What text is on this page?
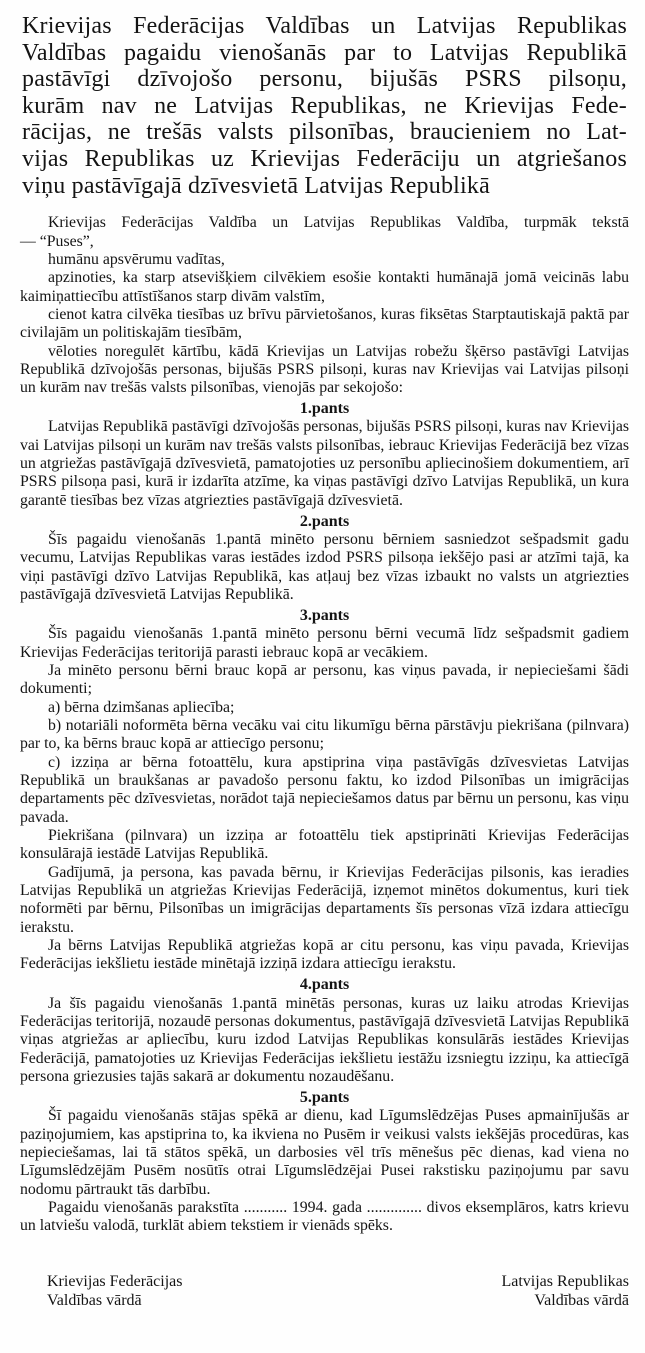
Krievijas Federācijas Valdības un Latvijas Republikas
Valdības pagaidu vienošanās par to Latvijas Republikā
pastāvīgi dzīvojošo personu, bijušās PSRS pilsoņu,
kurām nav ne Latvijas Republikas, ne Krievijas Fede-
rācijas, ne trešās valsts pilsonības, braucieniem no Lat-
vijas Republikas uz Krievijas Federāciju un atgriešanos
viņu pastāvīgajā dzīvesvietā Latvijas Republikā

Krievijas Federācijas Valdība un Latvijas Republikas Valdība, turpmāk tekstā
— “Puses”,

humānu apsvērumu vadītas,

apzinoties, ka starp atsevišķiem cilvēkiem esošie kontakti humānajā jomā veicinās labu kaimiņattiecību attīstīšanos starp divām valstīm,

cienot katra cilvēka tiesības uz brīvu pārvietošanos, kuras fiksētas Starptautiskajā paktā par civilajām un politiskajām tiesībām,

vēloties noregulēt kārtību, kādā Krievijas un Latvijas robežu šķērso pastāvīgi Latvijas Republikā dzīvojošās personas, bijušās PSRS pilsoņi, kuras nav Krievijas vai Latvijas pilsoņi un kurām nav trešās valsts pilsonības, vienojās par sekojošo:

1.pants

Latvijas Republikā pastāvīgi dzīvojošās personas, bijušās PSRS pilsoņi, kuras nav Krievijas vai Latvijas pilsoņi un kurām nav trešās valsts pilsonības, iebrauc Krievijas Federācijā bez vīzas un atgriežas pastāvīgajā dzīvesvietā, pamatojoties uz personību apliecinošiem dokumentiem, arī PSRS pilsoņa pasi, kurā ir izdarīta atzīme, ka viņas pastāvīgi dzīvo Latvijas Republikā, un kura garantē tiesības bez vīzas atgriezties pastāvīgajā dzīvesvietā.

2.pants

Šīs pagaidu vienošanās 1.pantā minēto personu bērniem sasniedzot sešpadsmit gadu vecumu, Latvijas Republikas varas iestādes izdod PSRS pilsoņa iekšējo pasi ar atzīmi tajā, ka viņi pastāvīgi dzīvo Latvijas Republikā, kas atļauj bez vīzas izbaukt no valsts un atgriezties pastāvīgajā dzīvesvietā Latvijas Republikā.

3.pants

Šīs pagaidu vienošanās 1.pantā minēto personu bērni vecumā līdz sešpadsmit gadiem Krievijas Federācijas teritorijā parasti iebrauc kopā ar vecākiem.

Ja minēto personu bērni brauc kopā ar personu, kas viņus pavada, ir nepieciešami šādi dokumenti;

a) bērna dzimšanas apliecība;

b) notariāli noformēta bērna vecāku vai citu likumīgu bērna pārstāvju piekrišana (pilnvara) par to, ka bērns brauc kopā ar attiecīgo personu;

c) izziņa ar bērna fotoattēlu, kura apstiprina viņa pastāvīgās dzīvesvietas Latvijas Republikā un braukšanas ar pavadošo personu faktu, ko izdod Pilsonības un imigrācijas departaments pēc dzīvesvietas, norādot tajā nepieciešamos datus par bērnu un personu, kas viņu pavada.

Piekrišana (pilnvara) un izziņa ar fotoattēlu tiek apstiprināti Krievijas Federācijas konsulārajā iestādē Latvijas Republikā.

Gadījumā, ja persona, kas pavada bērnu, ir Krievijas Federācijas pilsonis, kas ieradies Latvijas Republikā un atgriežas Krievijas Federācijā, izņemot minētos dokumentus, kuri tiek noformēti par bērnu, Pilsonības un imigrācijas departaments šīs personas vīzā izdara attiecīgu ierakstu.

Ja bērns Latvijas Republikā atgriežas kopā ar citu personu, kas viņu pavada, Krievijas Federācijas iekšlietu iestāde minētajā izziņā izdara attiecīgu ierakstu.

4.pants

Ja šīs pagaidu vienošanās 1.pantā minētās personas, kuras uz laiku atrodas Krievijas Federācijas teritorijā, nozaudē personas dokumentus, pastāvīgajā dzīvesvietā Latvijas Republikā viņas atgriežas ar apliecību, kuru izdod Latvijas Republikas konsulārās iestādes Krievijas Federācijā, pamatojoties uz Krievijas Federācijas iekšlietu iestāžu izsniegtu izziņu, ka attiecīgā persona griezusies tajās sakarā ar dokumentu nozaudēšanu.

5.pants

Šī pagaidu vienošanās stājas spēkā ar dienu, kad Līgumslēdzējas Puses apmainījušās ar paziņojumiem, kas apstiprina to, ka ikviena no Pusēm ir veikusi valsts iekšējās procedūras, kas nepieciešamas, lai tā stātos spēkā, un darbosies vēl trīs mēnešus pēc dienas, kad viena no Līgumslēdzējām Pusēm nosūtīs otrai Līgumslēdzējai Pusei rakstisku paziņojumu par savu nodomu pārtraukt tās darbību.

Pagaidu vienošanās parakstīta ........... 1994. gada .............. divos eksemplāros, katrs krievu un latviešu valodā, turklāt abiem tekstiem ir vienāds spēks.

Krievijas Federācijas
Valdības vārdā
Latvijas Republikas
Valdības vārdā
